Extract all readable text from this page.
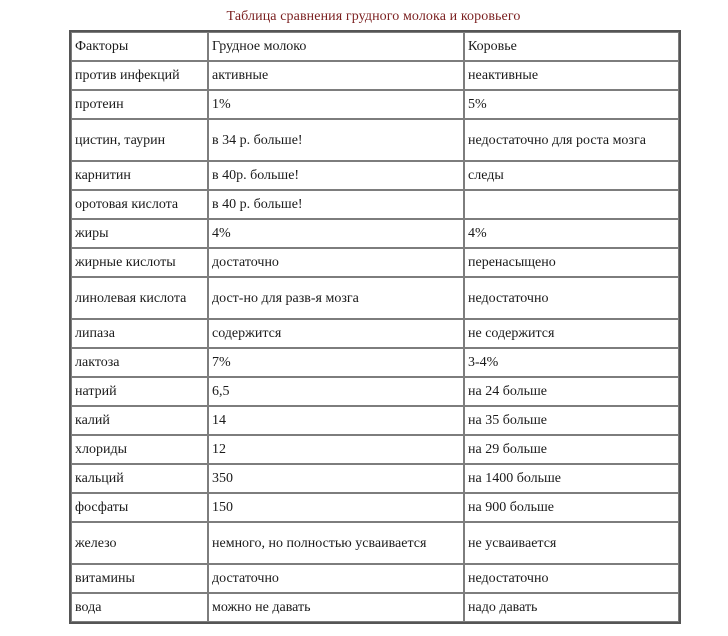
Таблица сравнения грудного молока и коровьего
Факторы	Грудное молоко	Коровье
против инфекций	активные	неактивные
протеин	1%	5%
цистин, таурин	в 34 р. больше!	недостаточно для роста мозга
карнитин	в 40р. больше!	следы
оротовая кислота	в 40 р. больше!	
жиры	4%	4%
жирные кислоты	достаточно	перенасыщено
линолевая кислота	дост-но для разв-я мозга	недостаточно
липаза	содержится	не содержится
лактоза	7%	3-4%
натрий	6,5	на 24 больше
калий	14	на 35 больше
хлориды	12	на 29 больше
кальций	350	на 1400 больше
фосфаты	150	на 900 больше
железо	немного, но полностью усваивается	не усваивается
витамины	достаточно	недостаточно
вода	можно не давать	надо давать
